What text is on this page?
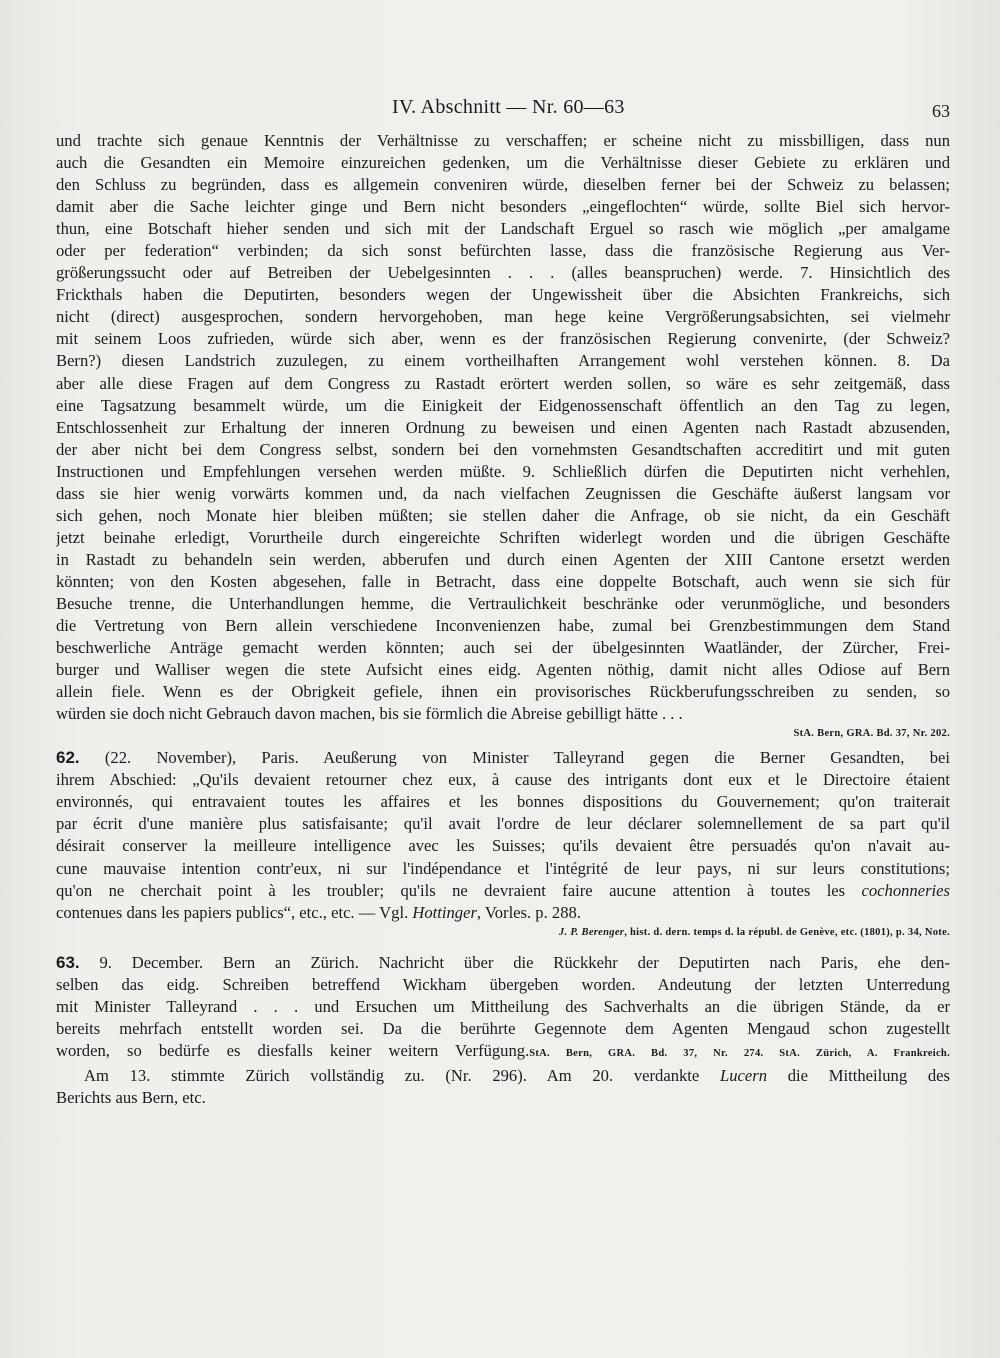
IV. Abschnitt — Nr. 60—63	63

und trachte sich genaue Kenntnis der Verhältnisse zu verschaffen; er scheine nicht zu missbilligen, dass nun
auch die Gesandten ein Memoire einzureichen gedenken, um die Verhältnisse dieser Gebiete zu erklären und
den Schluss zu begründen, dass es allgemein conveniren würde, dieselben ferner bei der Schweiz zu belassen;
damit aber die Sache leichter ginge und Bern nicht besonders „eingeflochten“ würde, sollte Biel sich hervor-
thun, eine Botschaft hieher senden und sich mit der Landschaft Erguel so rasch wie möglich „per amalgame
oder per federation“ verbinden; da sich sonst befürchten lasse, dass die französische Regierung aus Ver-
größerungssucht oder auf Betreiben der Uebelgesinnten . . . (alles beanspruchen) werde. 7. Hinsichtlich des
Frickthals haben die Deputirten, besonders wegen der Ungewissheit über die Absichten Frankreichs, sich
nicht (direct) ausgesprochen, sondern hervorgehoben, man hege keine Vergrößerungsabsichten, sei vielmehr
mit seinem Loos zufrieden, würde sich aber, wenn es der französischen Regierung convenirte, (der Schweiz?
Bern?) diesen Landstrich zuzulegen, zu einem vortheilhaften Arrangement wohl verstehen können. 8. Da
aber alle diese Fragen auf dem Congress zu Rastadt erörtert werden sollen, so wäre es sehr zeitgemäß, dass
eine Tagsatzung besammelt würde, um die Einigkeit der Eidgenossenschaft öffentlich an den Tag zu legen,
Entschlossenheit zur Erhaltung der inneren Ordnung zu beweisen und einen Agenten nach Rastadt abzusenden,
der aber nicht bei dem Congress selbst, sondern bei den vornehmsten Gesandtschaften accreditirt und mit guten
Instructionen und Empfehlungen versehen werden müßte. 9. Schließlich dürfen die Deputirten nicht verhehlen,
dass sie hier wenig vorwärts kommen und, da nach vielfachen Zeugnissen die Geschäfte äußerst langsam vor
sich gehen, noch Monate hier bleiben müßten; sie stellen daher die Anfrage, ob sie nicht, da ein Geschäft
jetzt beinahe erledigt, Vorurtheile durch eingereichte Schriften widerlegt worden und die übrigen Geschäfte
in Rastadt zu behandeln sein werden, abberufen und durch einen Agenten der XIII Cantone ersetzt werden
könnten; von den Kosten abgesehen, falle in Betracht, dass eine doppelte Botschaft, auch wenn sie sich für
Besuche trenne, die Unterhandlungen hemme, die Vertraulichkeit beschränke oder verunmögliche, und besonders
die Vertretung von Bern allein verschiedene Inconvenienzen habe, zumal bei Grenzbestimmungen dem Stand
beschwerliche Anträge gemacht werden könnten; auch sei der übelgesinnten Waatländer, der Zürcher, Frei-
burger und Walliser wegen die stete Aufsicht eines eidg. Agenten nöthig, damit nicht alles Odiose auf Bern
allein fiele. Wenn es der Obrigkeit gefiele, ihnen ein provisorisches Rückberufungsschreiben zu senden, so
würden sie doch nicht Gebrauch davon machen, bis sie förmlich die Abreise gebilligt hätte . . .

StA. Bern, GRA. Bd. 37, Nr. 202.

62. (22. November), Paris. Aeußerung von Minister Talleyrand gegen die Berner Gesandten, bei
ihrem Abschied: „Qu'ils devaient retourner chez eux, à cause des intrigants dont eux et le Directoire étaient
environnés, qui entravaient toutes les affaires et les bonnes dispositions du Gouvernement; qu'on traiterait
par écrit d'une manière plus satisfaisante; qu'il avait l'ordre de leur déclarer solemnellement de sa part qu'il
désirait conserver la meilleure intelligence avec les Suisses; qu'ils devaient être persuadés qu'on n'avait au-
cune mauvaise intention contr'eux, ni sur l'indépendance et l'intégrité de leur pays, ni sur leurs constitutions;
qu'on ne cherchait point à les troubler; qu'ils ne devraient faire aucune attention à toutes les cochonneries
contenues dans les papiers publics“, etc., etc. — Vgl. Hottinger, Vorles. p. 288.

J. P. Berenger, hist. d. dern. temps d. la républ. de Genève, etc. (1801), p. 34, Note.

63. 9. December. Bern an Zürich. Nachricht über die Rückkehr der Deputirten nach Paris, ehe den-
selben das eidg. Schreiben betreffend Wickham übergeben worden. Andeutung der letzten Unterredung
mit Minister Talleyrand . . . und Ersuchen um Mittheilung des Sachverhalts an die übrigen Stände, da er
bereits mehrfach entstellt worden sei. Da die berührte Gegennote dem Agenten Mengaud schon zugestellt
worden, so bedürfe es diesfalls keiner weitern Verfügung.StA. Bern, GRA. Bd. 37, Nr. 274. StA. Zürich, A. Frankreich.
Am 13. stimmte Zürich vollständig zu. (Nr. 296). Am 20. verdankte Lucern die Mittheilung des
Berichts aus Bern, etc.
